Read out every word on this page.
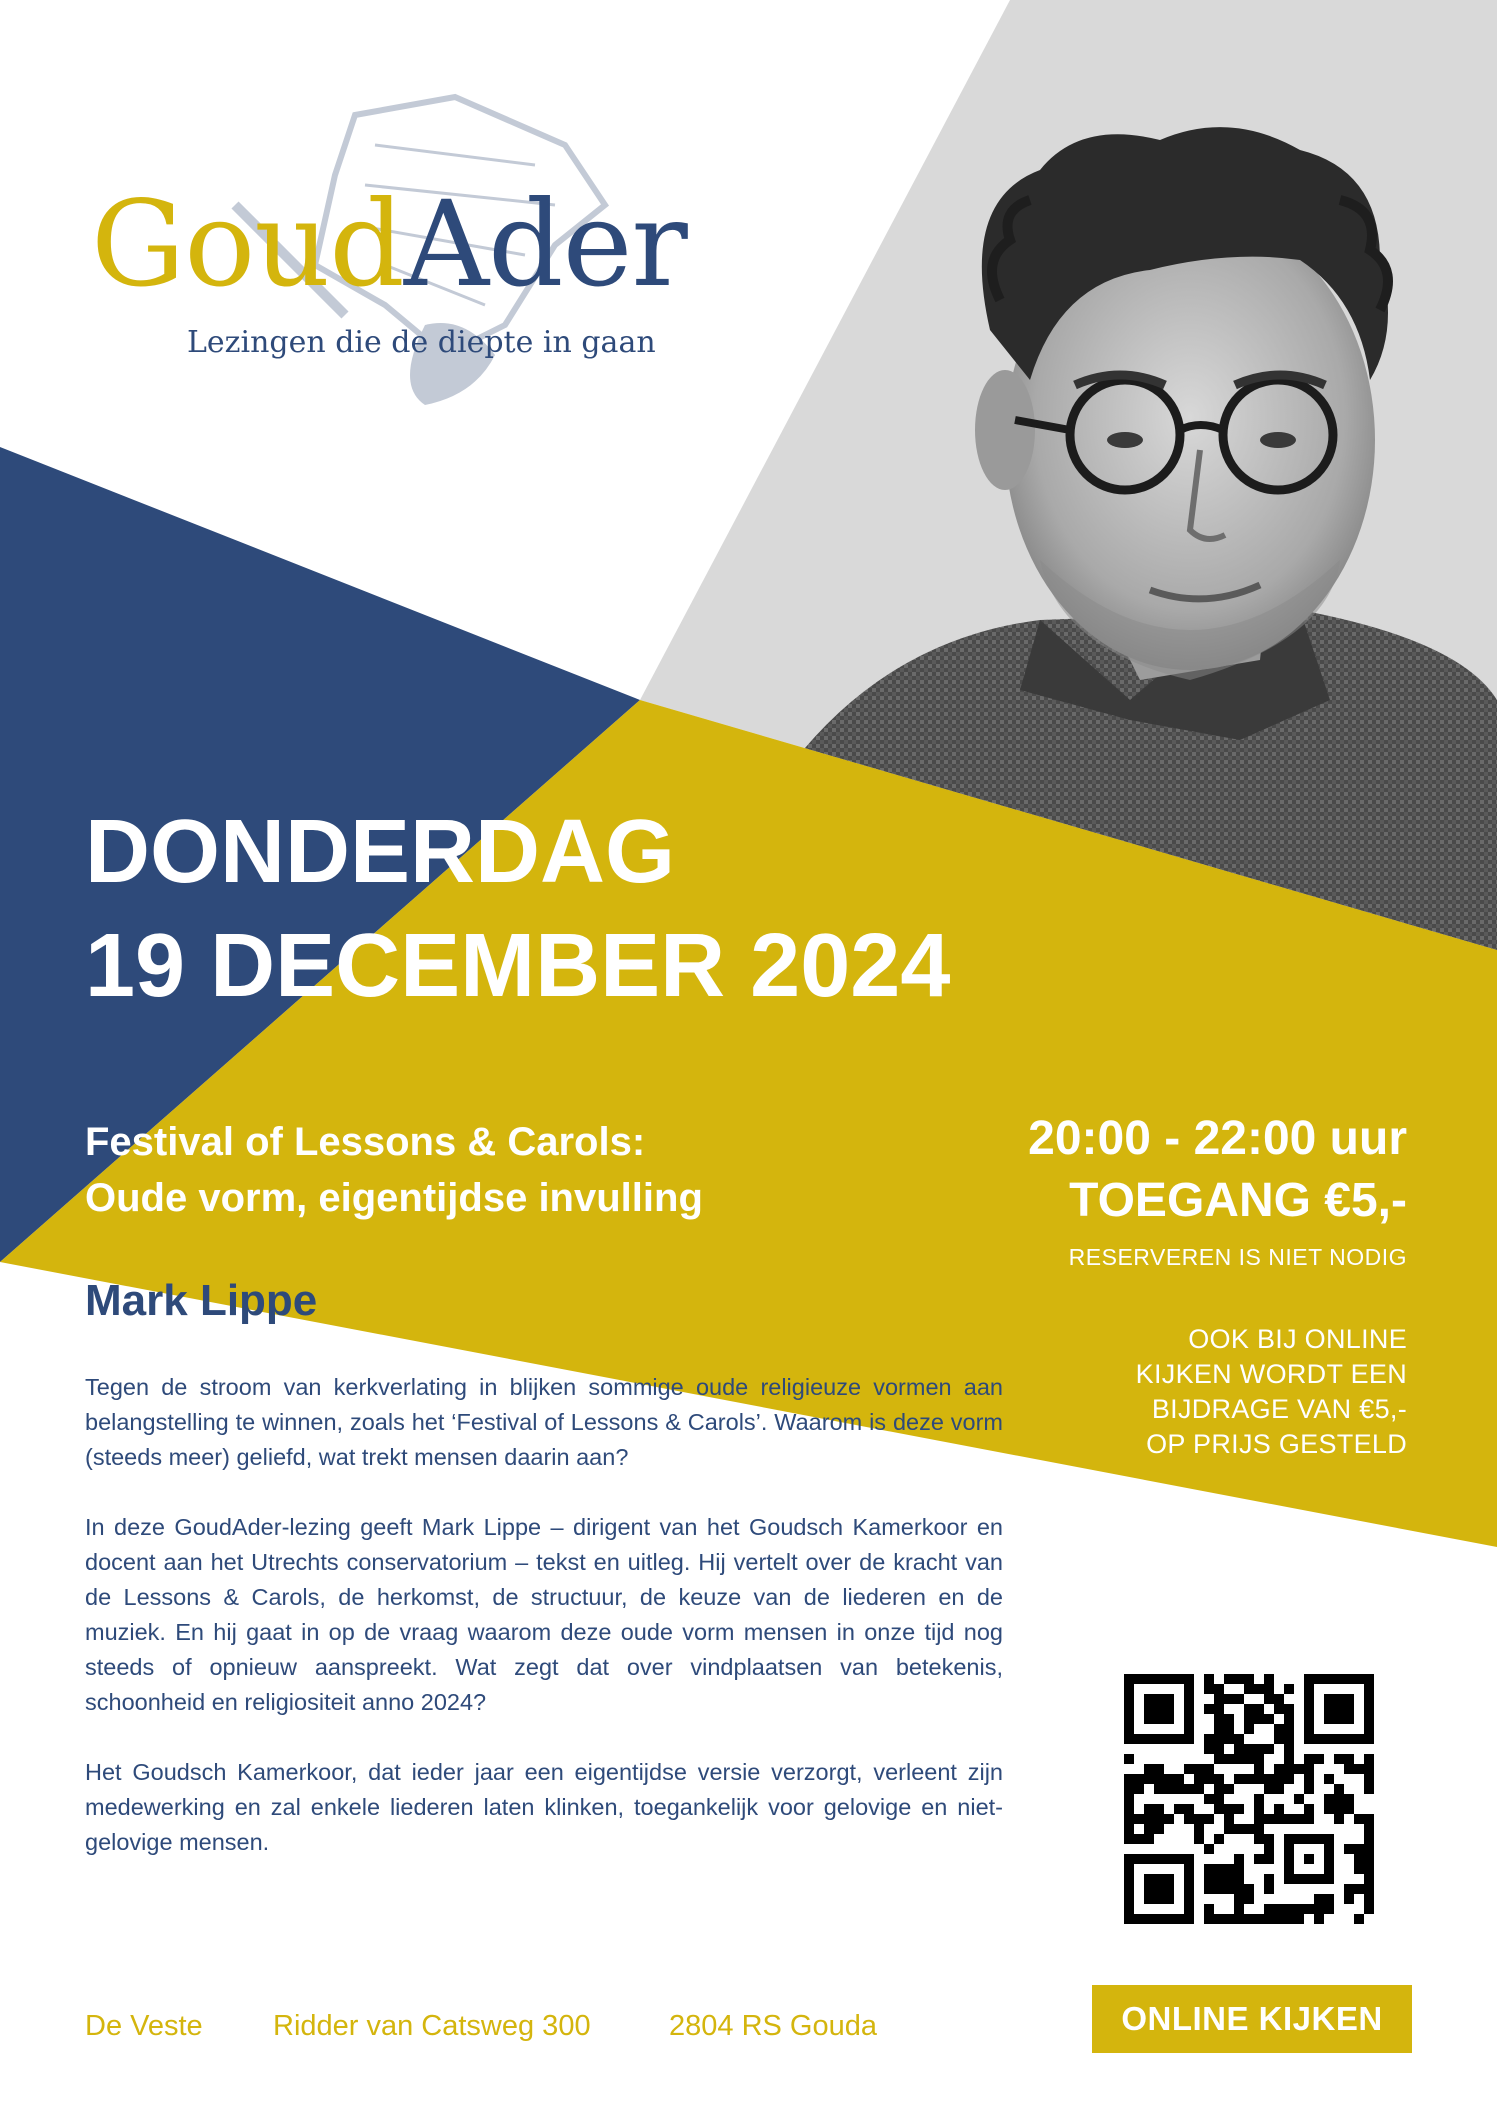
GoudAder
Lezingen die de diepte in gaan
DONDERDAG
19 DECEMBER 2024
Festival of Lessons & Carols:
Oude vorm, eigentijdse invulling
Mark Lippe
20:00 - 22:00 uur
TOEGANG €5,-
RESERVEREN IS NIET NODIG
OOK BIJ ONLINE
KIJKEN WORDT EEN
BIJDRAGE VAN €5,-
OP PRIJS GESTELD

Tegen de stroom van kerkverlating in blijken sommige oude religieuze vormen aan belangstelling te winnen, zoals het ‘Festival of Lessons & Carols’. Waarom is deze vorm (steeds meer) geliefd, wat trekt mensen daarin aan?

In deze GoudAder-lezing geeft Mark Lippe – dirigent van het Goudsch Kamerkoor en docent aan het Utrechts conservatorium – tekst en uitleg. Hij vertelt over de kracht van de Lessons & Carols, de herkomst, de structuur, de keuze van de liederen en de muziek. En hij gaat in op de vraag waarom deze oude vorm mensen in onze tijd nog steeds of opnieuw aanspreekt. Wat zegt dat over vindplaatsen van betekenis, schoonheid en religiositeit anno 2024?

Het Goudsch Kamerkoor, dat ieder jaar een eigentijdse versie verzorgt, verleent zijn medewerking en zal enkele liederen laten klinken, toegankelijk voor gelovige en niet-gelovige mensen.

De Veste Ridder van Catsweg 300	2804 RS Gouda	ONLINE KIJKEN
